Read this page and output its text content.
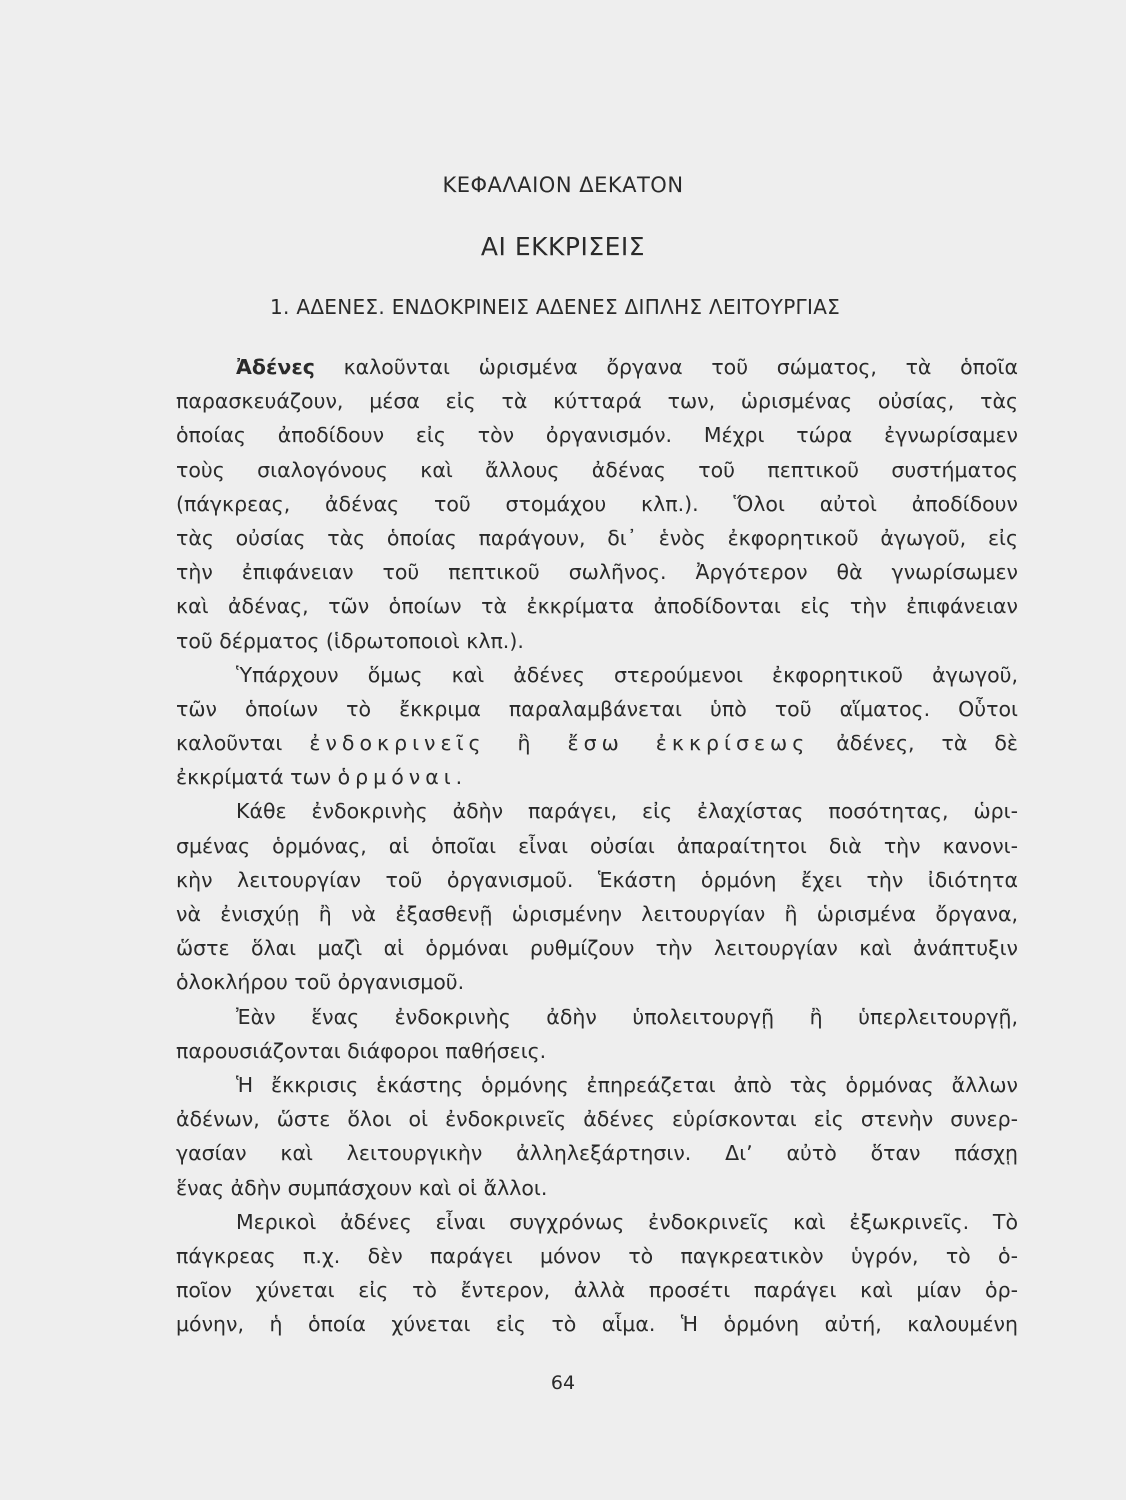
ΚΕΦΑΛΑΙΟΝ ΔΕΚΑΤΟΝ
ΑΙ ΕΚΚΡΙΣΕΙΣ
1. ΑΔΕΝΕΣ. ΕΝΔΟΚΡΙΝΕΙΣ ΑΔΕΝΕΣ ΔΙΠΛΗΣ ΛΕΙΤΟΥΡΓΙΑΣ
Ἀδένες καλοῦνται ὡρισμένα ὄργανα τοῦ σώματος, τὰ ὁποῖα
παρασκευάζουν, μέσα εἰς τὰ κύτταρά των, ὡρισμένας οὐσίας, τὰς
ὁποίας ἀποδίδουν εἰς τὸν ὀργανισμόν. Μέχρι τώρα ἐγνωρίσαμεν
τοὺς σιαλογόνους καὶ ἄλλους ἀδένας τοῦ πεπτικοῦ συστήματος
(πάγκρεας, ἀδένας τοῦ στομάχου κλπ.). Ὅλοι αὐτοὶ ἀποδίδουν
τὰς οὐσίας τὰς ὁποίας παράγουν, δι᾽ ἑνὸς ἐκφορητικοῦ ἀγωγοῦ, εἰς
τὴν ἐπιφάνειαν τοῦ πεπτικοῦ σωλῆνος. Ἀργότερον θὰ γνωρίσωμεν
καὶ ἀδένας, τῶν ὁποίων τὰ ἐκκρίματα ἀποδίδονται εἰς τὴν ἐπιφάνειαν
τοῦ δέρματος (ἱδρωτοποιοὶ κλπ.).
Ὑπάρχουν ὅμως καὶ ἀδένες στερούμενοι ἐκφορητικοῦ ἀγωγοῦ,
τῶν ὁποίων τὸ ἔκκριμα παραλαμβάνεται ὑπὸ τοῦ αἵματος. Οὗτοι
καλοῦνται ἐνδοκρινεῖς ἢ ἔσω ἐκκρίσεως ἀδένες, τὰ δὲ
ἐκκρίματά των ὁρμόναι.
Κάθε ἐνδοκρινὴς ἀδὴν παράγει, εἰς ἐλαχίστας ποσότητας, ὡρι-
σμένας ὁρμόνας, αἱ ὁποῖαι εἶναι οὐσίαι ἀπαραίτητοι διὰ τὴν κανονι-
κὴν λειτουργίαν τοῦ ὀργανισμοῦ. Ἑκάστη ὁρμόνη ἔχει τὴν ἰδιότητα
νὰ ἐνισχύῃ ἢ νὰ ἐξασθενῇ ὡρισμένην λειτουργίαν ἢ ὡρισμένα ὄργανα,
ὥστε ὅλαι μαζὶ αἱ ὁρμόναι ρυθμίζουν τὴν λειτουργίαν καὶ ἀνάπτυξιν
ὁλοκλήρου τοῦ ὀργανισμοῦ.
Ἐὰν ἕνας ἐνδοκρινὴς ἀδὴν ὑπολειτουργῇ ἢ ὑπερλειτουργῇ,
παρουσιάζονται διάφοροι παθήσεις.
Ἡ ἔκκρισις ἑκάστης ὁρμόνης ἐπηρεάζεται ἀπὸ τὰς ὁρμόνας ἄλλων
ἀδένων, ὥστε ὅλοι οἱ ἐνδοκρινεῖς ἀδένες εὑρίσκονται εἰς στενὴν συνερ-
γασίαν καὶ λειτουργικὴν ἀλληλεξάρτησιν. Διʼ αὐτὸ ὅταν πάσχῃ
ἕνας ἀδὴν συμπάσχουν καὶ οἱ ἄλλοι.
Μερικοὶ ἀδένες εἶναι συγχρόνως ἐνδοκρινεῖς καὶ ἐξωκρινεῖς. Τὸ
πάγκρεας π.χ. δὲν παράγει μόνον τὸ παγκρεατικὸν ὑγρόν, τὸ ὁ-
ποῖον χύνεται εἰς τὸ ἔντερον, ἀλλὰ προσέτι παράγει καὶ μίαν ὁρ-
μόνην, ἡ ὁποία χύνεται εἰς τὸ αἷμα. Ἡ ὁρμόνη αὐτή, καλουμένη
64
